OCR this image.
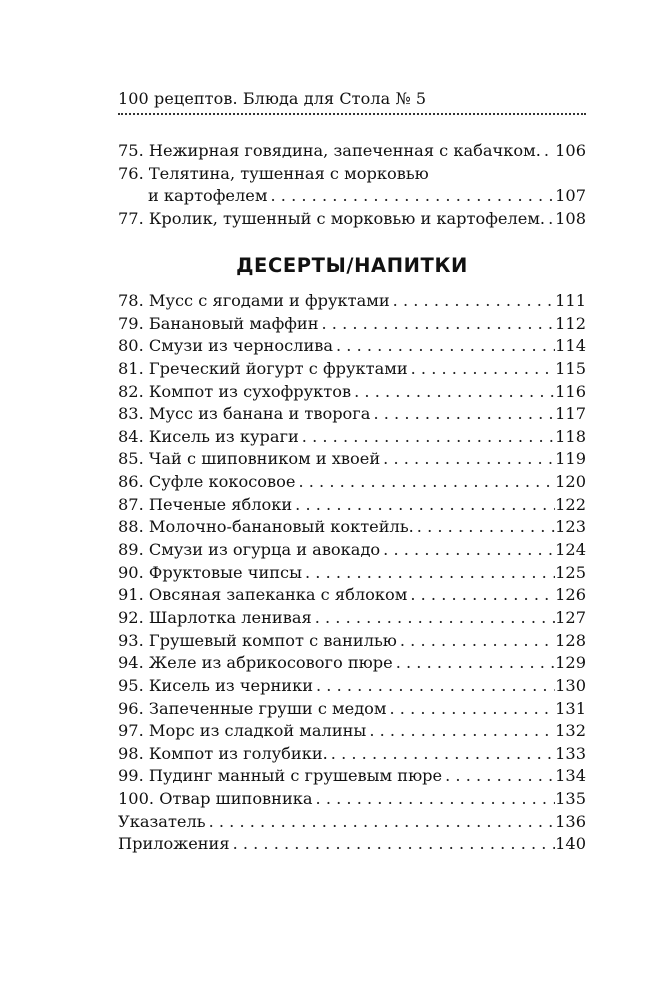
100 рецептов. Блюда для Стола № 5
75. Нежирная говядина, запеченная с кабачком. . . . 106
76. Телятина, тушенная с морковью
и картофелем . . .	107
77. Кролик, тушенный с морковью и картофелем. . . . 108
ДЕСЕРТЫ/НАПИТКИ
78. Мусс с ягодами и фруктами . . .	111
79. Банановый маффин . . .	112
80. Смузи из чернослива . . .	114
81. Греческий йогурт с фруктами . . .	115
82. Компот из сухофруктов . . .	116
83. Мусс из банана и творога . . .	117
84. Кисель из кураги . . .	118
85. Чай с шиповником и хвоей . . .	119
86. Суфле кокосовое . . .	120
87. Печеные яблоки . . .	122
88. Молочно-банановый коктейль. . . .	123
89. Смузи из огурца и авокадо . . .	124
90. Фруктовые чипсы . . .	125
91. Овсяная запеканка с яблоком . . .	126
92. Шарлотка ленивая . . .	127
93. Грушевый компот с ванилью . . .	128
94. Желе из абрикосового пюре . . .	129
95. Кисель из черники . . .	130
96. Запеченные груши с медом . . .	131
97. Морс из сладкой малины . . .	132
98. Компот из голубики. . . .	133
99. Пудинг манный с грушевым пюре . . .	134
100. Отвар шиповника . . .	135
Указатель . . .	136
Приложения . . .	140
